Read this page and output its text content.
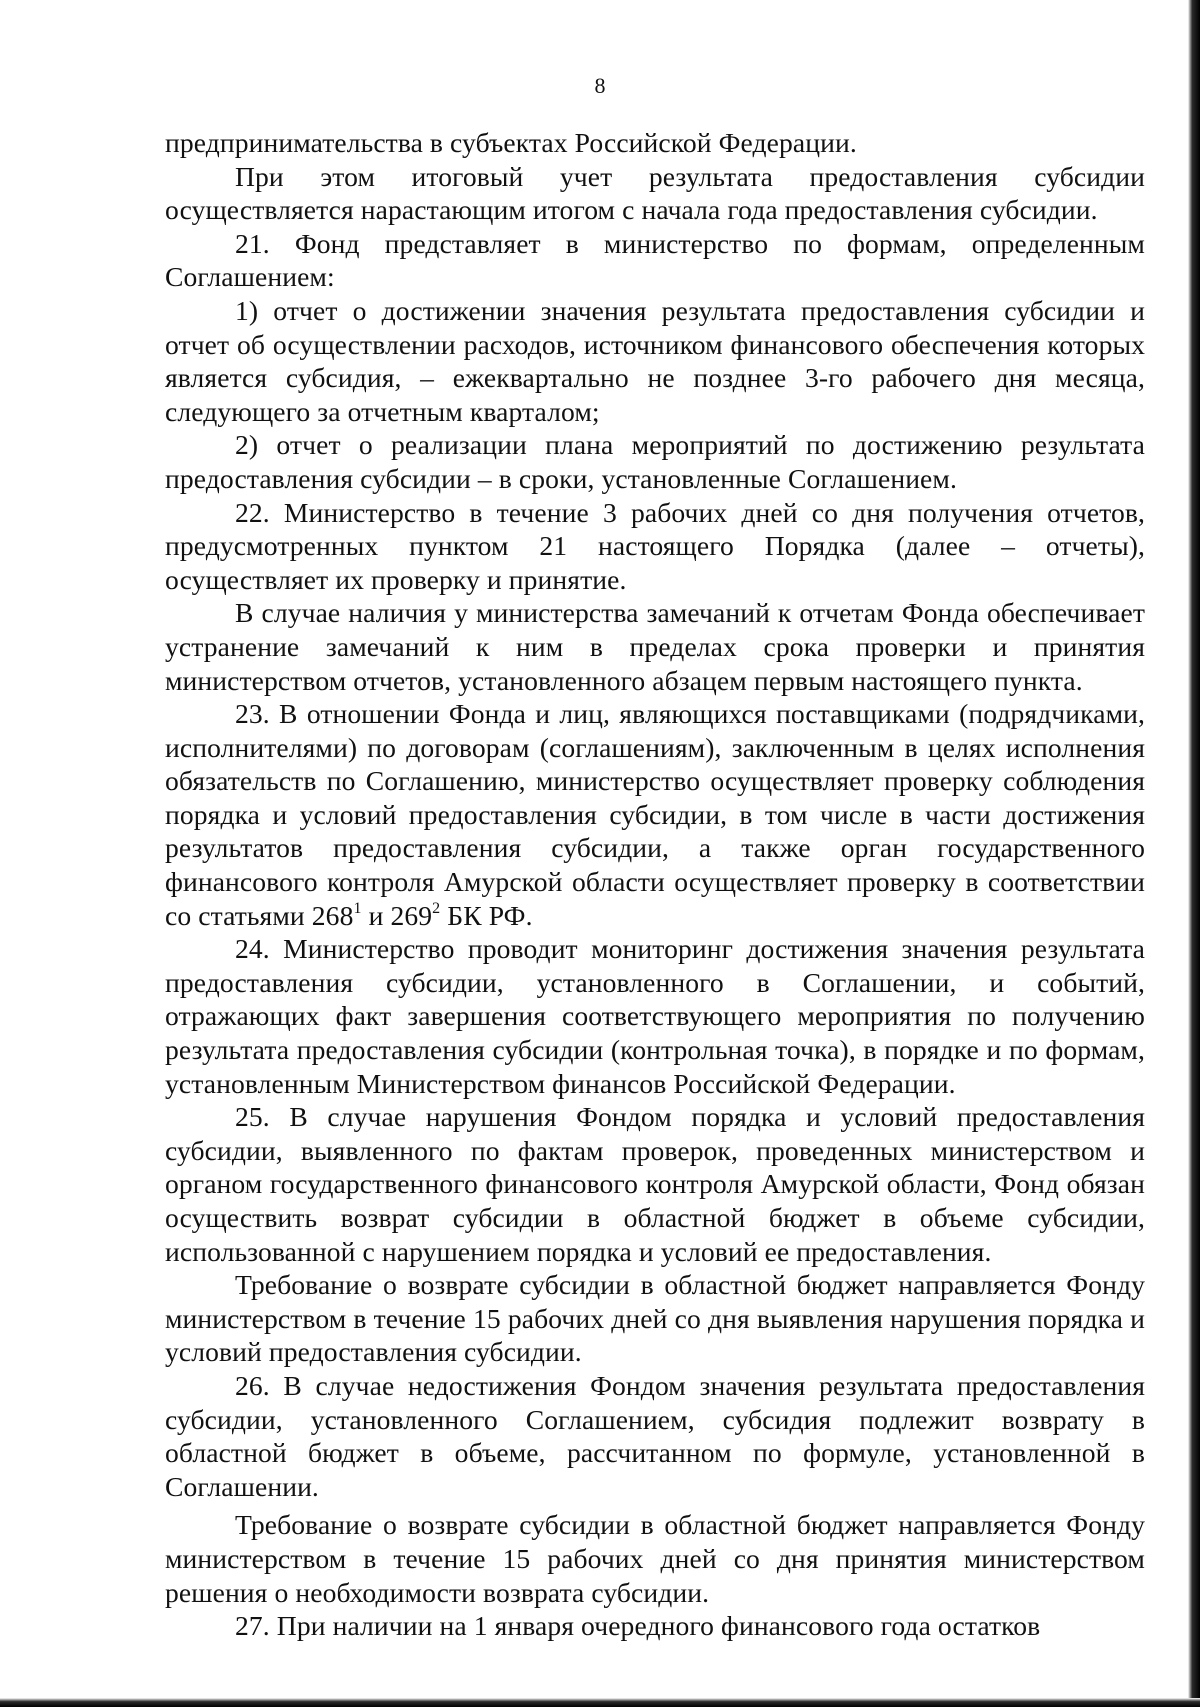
8

предпринимательства в субъектах Российской Федерации.

При этом итоговый учет результата предоставления субсидии осуществляется нарастающим итогом с начала года предоставления субсидии.

21. Фонд представляет в министерство по формам, определенным Соглашением:

1) отчет о достижении значения результата предоставления субсидии и отчет об осуществлении расходов, источником финансового обеспечения которых является субсидия, – ежеквартально не позднее 3-го рабочего дня месяца, следующего за отчетным кварталом;

2) отчет о реализации плана мероприятий по достижению результата предоставления субсидии – в сроки, установленные Соглашением.

22. Министерство в течение 3 рабочих дней со дня получения отчетов, предусмотренных пунктом 21 настоящего Порядка (далее – отчеты), осуществляет их проверку и принятие.

В случае наличия у министерства замечаний к отчетам Фонда обеспечивает устранение замечаний к ним в пределах срока проверки и принятия министерством отчетов, установленного абзацем первым настоящего пункта.

23. В отношении Фонда и лиц, являющихся поставщиками (подрядчиками, исполнителями) по договорам (соглашениям), заключенным в целях исполнения обязательств по Соглашению, министерство осуществляет проверку соблюдения порядка и условий предоставления субсидии, в том числе в части достижения результатов предоставления субсидии, а также орган государственного финансового контроля Амурской области осуществляет проверку в соответствии со статьями $268^1$ и $269^2$ БК РФ.

24. Министерство проводит мониторинг достижения значения результата предоставления субсидии, установленного в Соглашении, и событий, отражающих факт завершения соответствующего мероприятия по получению результата предоставления субсидии (контрольная точка), в порядке и по формам, установленным Министерством финансов Российской Федерации.

25. В случае нарушения Фондом порядка и условий предоставления субсидии, выявленного по фактам проверок, проведенных министерством и органом государственного финансового контроля Амурской области, Фонд обязан осуществить возврат субсидии в областной бюджет в объеме субсидии, использованной с нарушением порядка и условий ее предоставления.

Требование о возврате субсидии в областной бюджет направляется Фонду министерством в течение 15 рабочих дней со дня выявления нарушения порядка и условий предоставления субсидии.

26. В случае недостижения Фондом значения результата предоставления субсидии, установленного Соглашением, субсидия подлежит возврату в областной бюджет в объеме, рассчитанном по формуле, установленной в Соглашении.

Требование о возврате субсидии в областной бюджет направляется Фонду министерством в течение 15 рабочих дней со дня принятия министерством решения о необходимости возврата субсидии.

27. При наличии на 1 января очередного финансового года остатков
